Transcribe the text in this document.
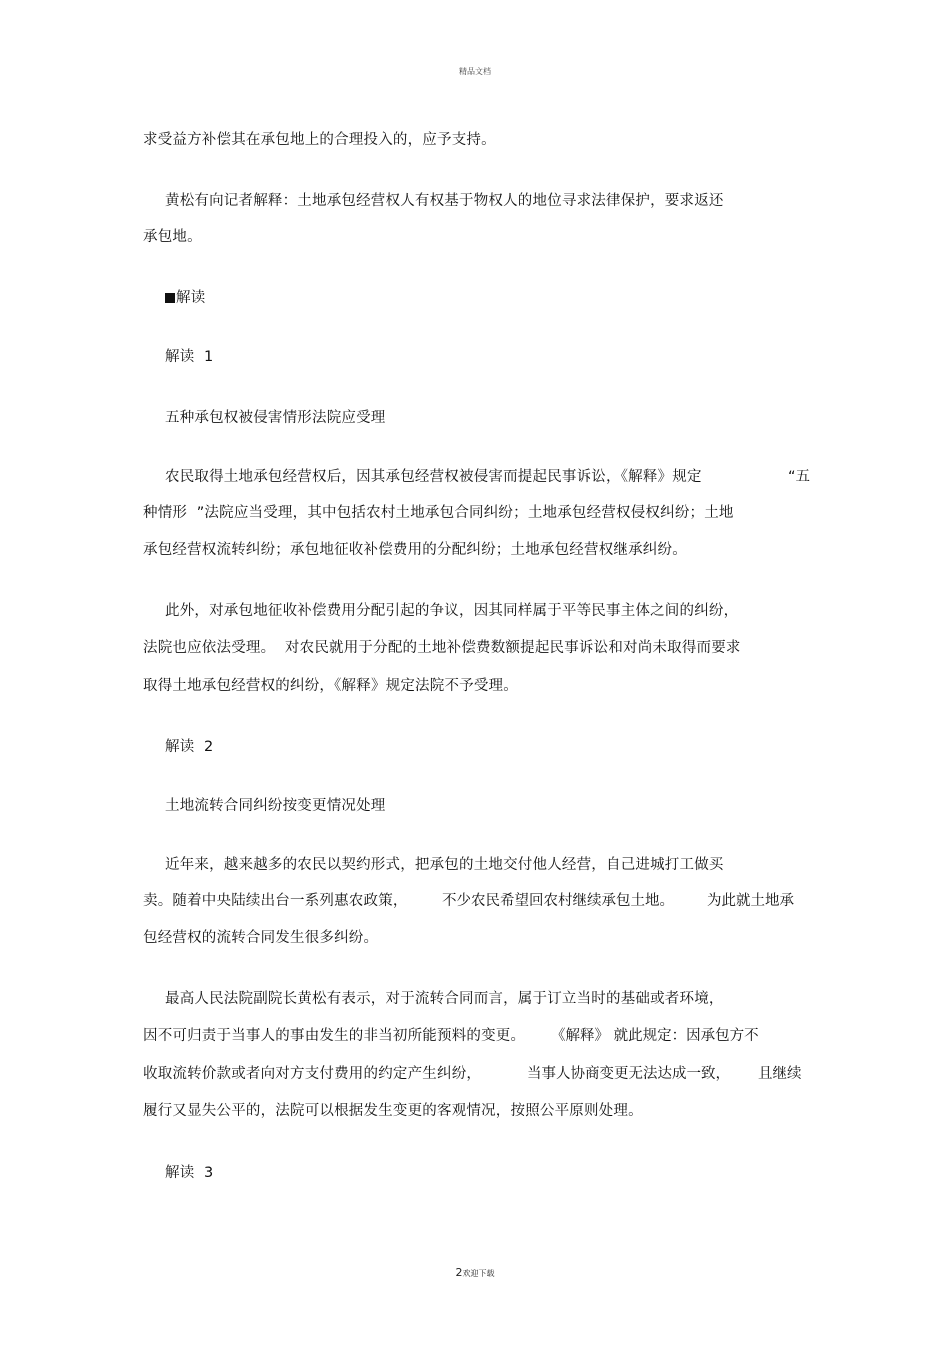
精品文档
求受益方补偿其在承包地上的合理投入的，应予支持。
黄松有向记者解释：土地承包经营权人有权基于物权人的地位寻求法律保护，要求返还
承包地。
解读
解读  1
五种承包权被侵害情形法院应受理
农民取得土地承包经营权后，因其承包经营权被侵害而提起民事诉讼，《解释》规定	“五
种情形  ”法院应当受理，其中包括农村土地承包合同纠纷；土地承包经营权侵权纠纷；土地
承包经营权流转纠纷；承包地征收补偿费用的分配纠纷；土地承包经营权继承纠纷。
此外，对承包地征收补偿费用分配引起的争议，因其同样属于平等民事主体之间的纠纷，
法院也应依法受理。  对农民就用于分配的土地补偿费数额提起民事诉讼和对尚未取得而要求
取得土地承包经营权的纠纷，《解释》规定法院不予受理。
解读  2
土地流转合同纠纷按变更情况处理
近年来，越来越多的农民以契约形式，把承包的土地交付他人经营，自己进城打工做买
卖。随着中央陆续出台一系列惠农政策， 不少农民希望回农村继续承包土地。 为此就土地承
包经营权的流转合同发生很多纠纷。
最高人民法院副院长黄松有表示，对于流转合同而言，属于订立当时的基础或者环境，
因不可归责于当事人的事由发生的非当初所能预料的变更。 《解释》 就此规定：因承包方不
收取流转价款或者向对方支付费用的约定产生纠纷，	当事人协商变更无法达成一致， 且继续
履行又显失公平的，法院可以根据发生变更的客观情况，按照公平原则处理。
解读  3
2欢迎下载
